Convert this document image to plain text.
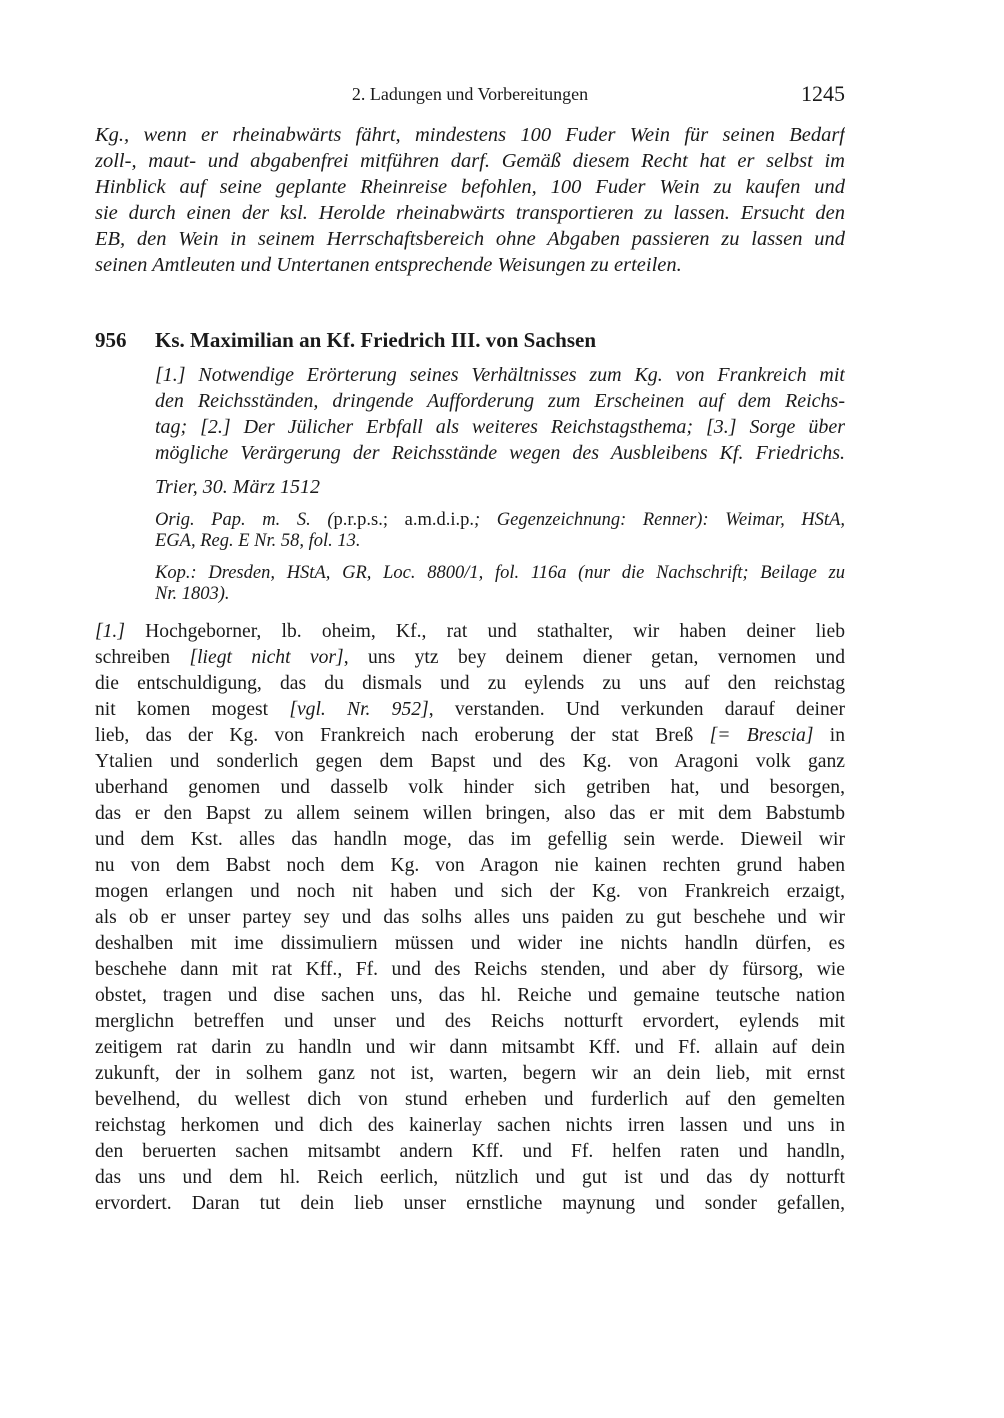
2. Ladungen und Vorbereitungen	1245
Kg., wenn er rheinabwärts fährt, mindestens 100 Fuder Wein für seinen Bedarf
zoll-, maut- und abgabenfrei mitführen darf. Gemäß diesem Recht hat er selbst im
Hinblick auf seine geplante Rheinreise befohlen, 100 Fuder Wein zu kaufen und
sie durch einen der ksl. Herolde rheinabwärts transportieren zu lassen. Ersucht den
EB, den Wein in seinem Herrschaftsbereich ohne Abgaben passieren zu lassen und
seinen Amtleuten und Untertanen entsprechende Weisungen zu erteilen.
956 Ks. Maximilian an Kf. Friedrich III. von Sachsen
[1.] Notwendige Erörterung seines Verhältnisses zum Kg. von Frankreich mit
den Reichsständen, dringende Aufforderung zum Erscheinen auf dem Reichs-
tag; [2.] Der Jülicher Erbfall als weiteres Reichstagsthema; [3.] Sorge über
mögliche Verärgerung der Reichsstände wegen des Ausbleibens Kf. Friedrichs.
Trier, 30. März 1512
Orig. Pap. m. S. (p.r.p.s.; a.m.d.i.p.; Gegenzeichnung: Renner): Weimar, HStA,
EGA, Reg. E Nr. 58, fol. 13.
Kop.: Dresden, HStA, GR, Loc. 8800/1, fol. 116a (nur die Nachschrift; Beilage zu
Nr. 1803).
[1.] Hochgeborner, lb. oheim, Kf., rat und stathalter, wir haben deiner lieb
schreiben [liegt nicht vor], uns ytz bey deinem diener getan, vernomen und
die entschuldigung, das du dismals und zu eylends zu uns auf den reichstag
nit komen mogest [vgl. Nr. 952], verstanden. Und verkunden darauf deiner
lieb, das der Kg. von Frankreich nach eroberung der stat Breß [= Brescia] in
Ytalien und sonderlich gegen dem Bapst und des Kg. von Aragoni volk ganz
uberhand genomen und dasselb volk hinder sich getriben hat, und besorgen,
das er den Bapst zu allem seinem willen bringen, also das er mit dem Babstumb
und dem Kst. alles das handln moge, das im gefellig sein werde. Dieweil wir
nu von dem Babst noch dem Kg. von Aragon nie kainen rechten grund haben
mogen erlangen und noch nit haben und sich der Kg. von Frankreich erzaigt,
als ob er unser partey sey und das solhs alles uns paiden zu gut beschehe und wir
deshalben mit ime dissimuliern müssen und wider ine nichts handln dürfen, es
beschehe dann mit rat Kff., Ff. und des Reichs stenden, und aber dy fürsorg, wie
obstet, tragen und dise sachen uns, das hl. Reiche und gemaine teutsche nation
merglichn betreffen und unser und des Reichs notturft ervordert, eylends mit
zeitigem rat darin zu handln und wir dann mitsambt Kff. und Ff. allain auf dein
zukunft, der in solhem ganz not ist, warten, begern wir an dein lieb, mit ernst
bevelhend, du wellest dich von stund erheben und furderlich auf den gemelten
reichstag herkomen und dich des kainerlay sachen nichts irren lassen und uns in
den beruerten sachen mitsambt andern Kff. und Ff. helfen raten und handln,
das uns und dem hl. Reich eerlich, nützlich und gut ist und das dy notturft
ervordert. Daran tut dein lieb unser ernstliche maynung und sonder gefallen,
